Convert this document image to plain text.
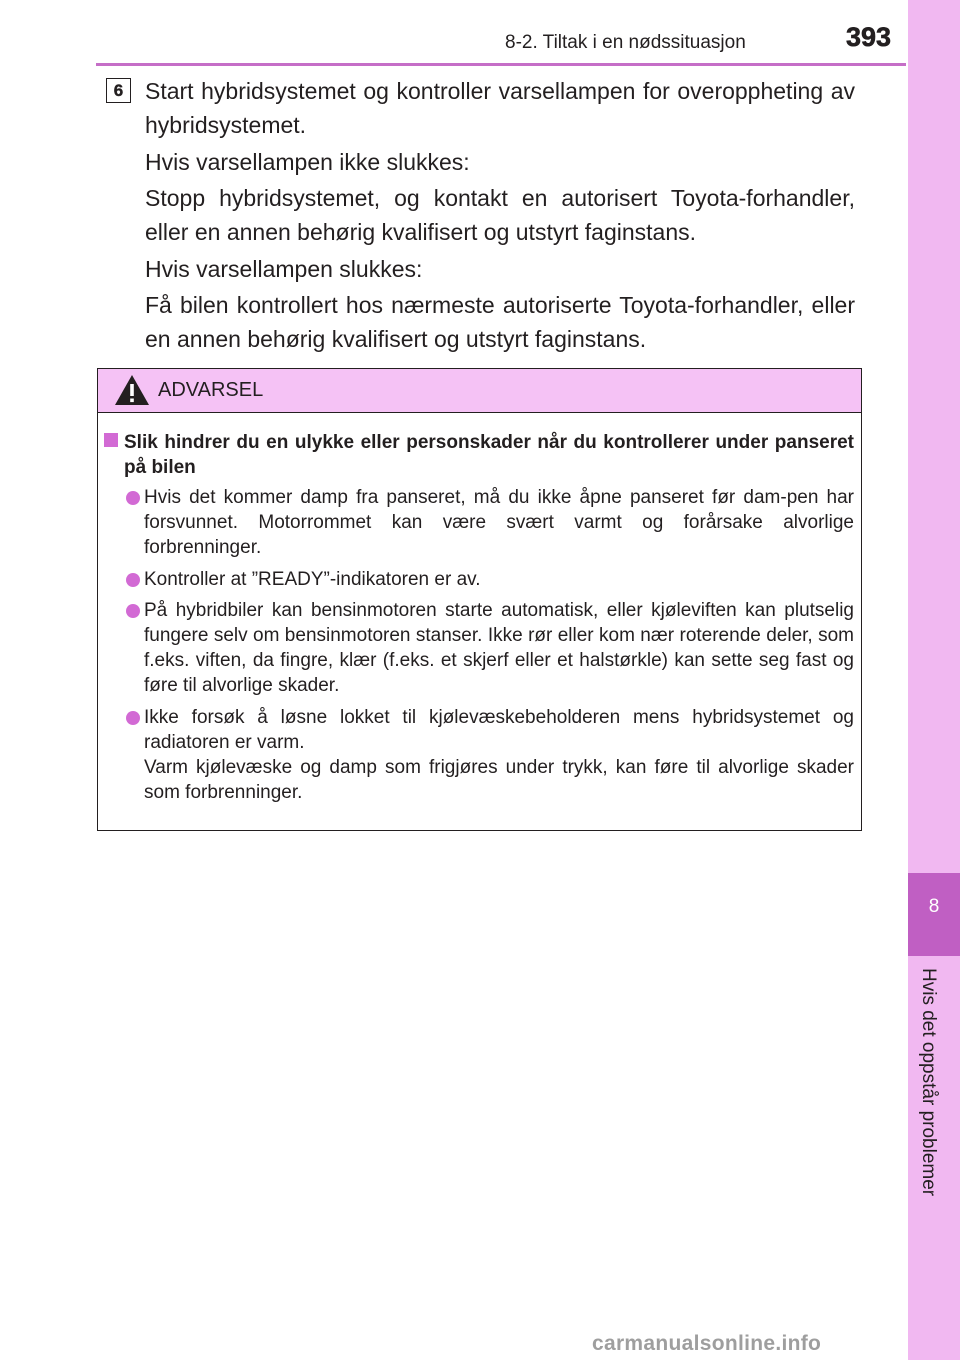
8
Hvis det oppstår problemer
8-2. Tiltak i en nødssituasjon	393
6 Start hybridsystemet og kontroller varsellampen for overoppheting av hybridsystemet.

Hvis varsellampen ikke slukkes:

Stopp hybridsystemet, og kontakt en autorisert Toyota-forhandler, eller en annen behørig kvalifisert og utstyrt faginstans.

Hvis varsellampen slukkes:

Få bilen kontrollert hos nærmeste autoriserte Toyota-forhandler, eller en annen behørig kvalifisert og utstyrt faginstans.

ADVARSEL
Slik hindrer du en ulykke eller personskader når du kontrollerer under panseret på bilen

Hvis det kommer damp fra panseret, må du ikke åpne panseret før dam-pen har forsvunnet. Motorrommet kan være svært varmt og forårsake alvorlige forbrenninger.

Kontroller at ”READY”-indikatoren er av.

På hybridbiler kan bensinmotoren starte automatisk, eller kjøleviften kan plutselig fungere selv om bensinmotoren stanser. Ikke rør eller kom nær roterende deler, som f.eks. viften, da fingre, klær (f.eks. et skjerf eller et halstørkle) kan sette seg fast og føre til alvorlige skader.

Ikke forsøk å løsne lokket til kjølevæskebeholderen mens hybridsystemet og radiatoren er varm.

Varm kjølevæske og damp som frigjøres under trykk, kan føre til alvorlige skader som forbrenninger.

carmanualsonline.info
